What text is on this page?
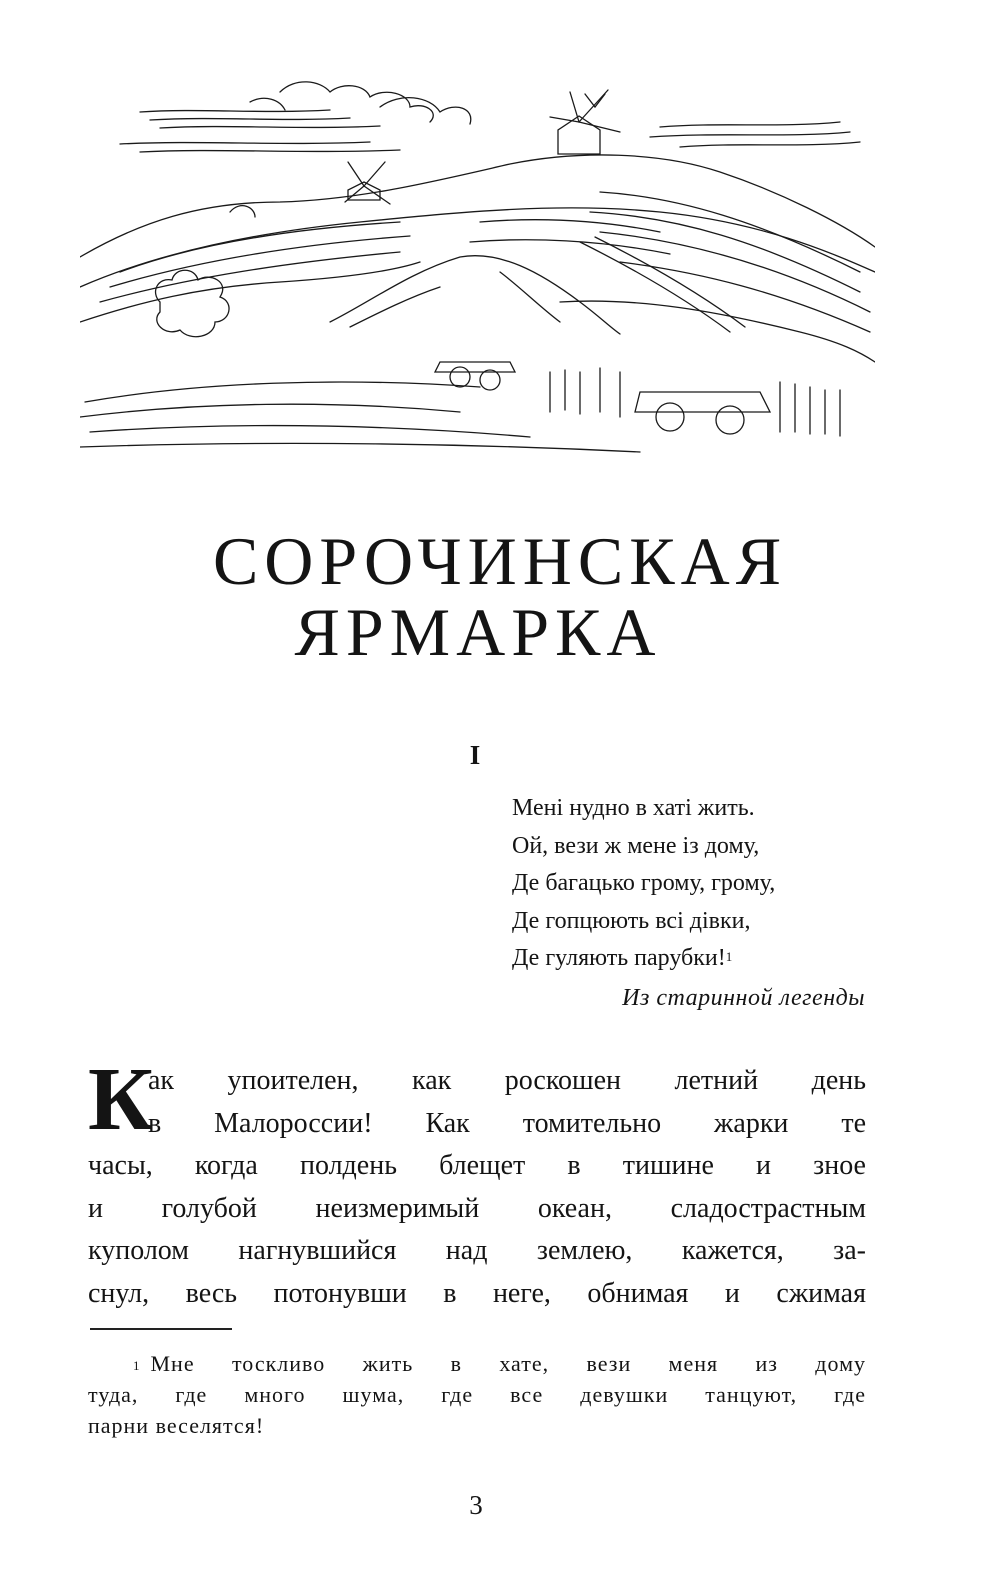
СОРОЧИНСКАЯ
ЯРМАРКА
I
Мені нудно в хаті жить.
Ой, вези ж мене із дому,
Де багацько грому, грому,
Де гопцюють всі дівки,
Де гуляють парубки!$^1$
Из старинной легенды
К
ак упоителен, как роскошен летний день
в Малороссии! Как томительно жарки те
часы, когда полдень блещет в тишине и зное
и голубой неизмеримый океан, сладострастным
куполом нагнувшийся над землею, кажется, за-
снул, весь потонувши в неге, обнимая и сжимая
$^1$ Мне тоскливо жить в хате, вези меня из дому
туда, где много шума, где все девушки танцуют, где
парни веселятся!
3
